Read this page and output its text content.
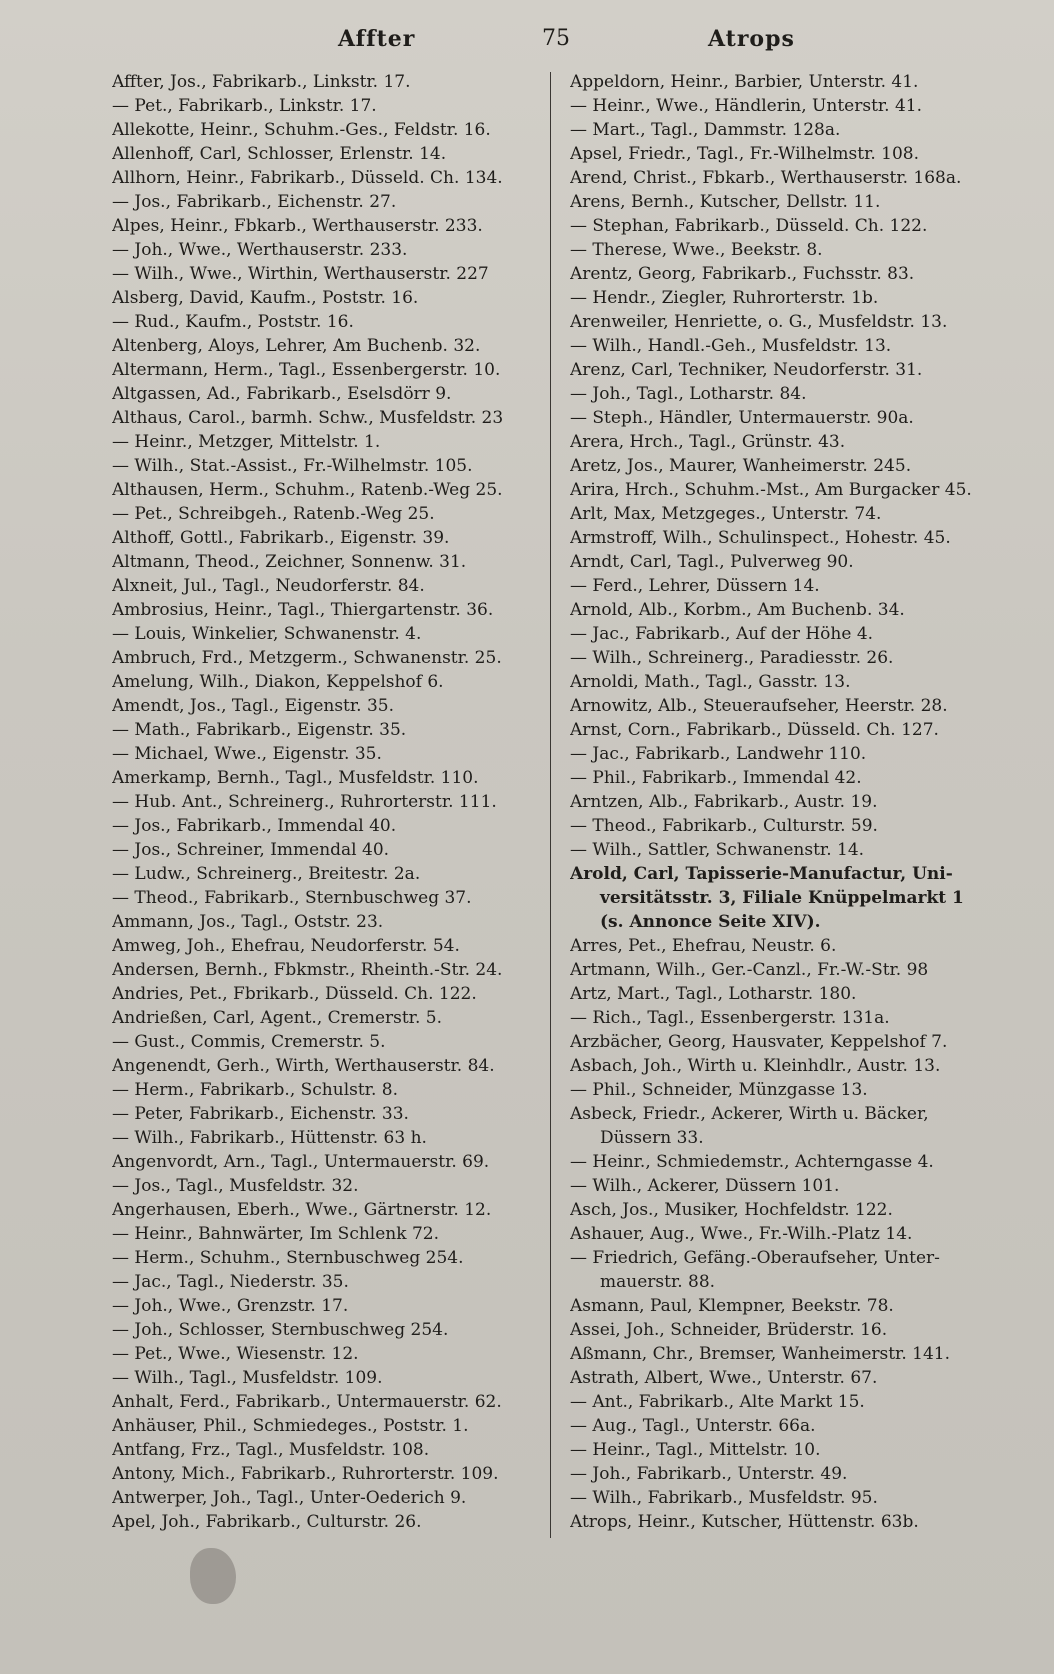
Affter	75	Atrops
Affter, Jos., Fabrikarb., Linkstr. 17.
— Pet., Fabrikarb., Linkstr. 17.
Allekotte, Heinr., Schuhm.-Ges., Feldstr. 16.
Allenhoff, Carl, Schlosser, Erlenstr. 14.
Allhorn, Heinr., Fabrikarb., Düsseld. Ch. 134.
— Jos., Fabrikarb., Eichenstr. 27.
Alpes, Heinr., Fbkarb., Werthauserstr. 233.
— Joh., Wwe., Werthauserstr. 233.
— Wilh., Wwe., Wirthin, Werthauserstr. 227
Alsberg, David, Kaufm., Poststr. 16.
— Rud., Kaufm., Poststr. 16.
Altenberg, Aloys, Lehrer, Am Buchenb. 32.
Altermann, Herm., Tagl., Essenbergerstr. 10.
Altgassen, Ad., Fabrikarb., Eselsdörr 9.
Althaus, Carol., barmh. Schw., Musfeldstr. 23
— Heinr., Metzger, Mittelstr. 1.
— Wilh., Stat.-Assist., Fr.-Wilhelmstr. 105.
Althausen, Herm., Schuhm., Ratenb.-Weg 25.
— Pet., Schreibgeh., Ratenb.-Weg 25.
Althoff, Gottl., Fabrikarb., Eigenstr. 39.
Altmann, Theod., Zeichner, Sonnenw. 31.
Alxneit, Jul., Tagl., Neudorferstr. 84.
Ambrosius, Heinr., Tagl., Thiergartenstr. 36.
— Louis, Winkelier, Schwanenstr. 4.
Ambruch, Frd., Metzgerm., Schwanenstr. 25.
Amelung, Wilh., Diakon, Keppelshof 6.
Amendt, Jos., Tagl., Eigenstr. 35.
— Math., Fabrikarb., Eigenstr. 35.
— Michael, Wwe., Eigenstr. 35.
Amerkamp, Bernh., Tagl., Musfeldstr. 110.
— Hub. Ant., Schreinerg., Ruhrorterstr. 111.
— Jos., Fabrikarb., Immendal 40.
— Jos., Schreiner, Immendal 40.
— Ludw., Schreinerg., Breitestr. 2a.
— Theod., Fabrikarb., Sternbuschweg 37.
Ammann, Jos., Tagl., Oststr. 23.
Amweg, Joh., Ehefrau, Neudorferstr. 54.
Andersen, Bernh., Fbkmstr., Rheinth.-Str. 24.
Andries, Pet., Fbrikarb., Düsseld. Ch. 122.
Andrießen, Carl, Agent., Cremerstr. 5.
— Gust., Commis, Cremerstr. 5.
Angenendt, Gerh., Wirth, Werthauserstr. 84.
— Herm., Fabrikarb., Schulstr. 8.
— Peter, Fabrikarb., Eichenstr. 33.
— Wilh., Fabrikarb., Hüttenstr. 63 h.
Angenvordt, Arn., Tagl., Untermauerstr. 69.
— Jos., Tagl., Musfeldstr. 32.
Angerhausen, Eberh., Wwe., Gärtnerstr. 12.
— Heinr., Bahnwärter, Im Schlenk 72.
— Herm., Schuhm., Sternbuschweg 254.
— Jac., Tagl., Niederstr. 35.
— Joh., Wwe., Grenzstr. 17.
— Joh., Schlosser, Sternbuschweg 254.
— Pet., Wwe., Wiesenstr. 12.
— Wilh., Tagl., Musfeldstr. 109.
Anhalt, Ferd., Fabrikarb., Untermauerstr. 62.
Anhäuser, Phil., Schmiedeges., Poststr. 1.
Antfang, Frz., Tagl., Musfeldstr. 108.
Antony, Mich., Fabrikarb., Ruhrorterstr. 109.
Antwerper, Joh., Tagl., Unter-Oederich 9.
Apel, Joh., Fabrikarb., Culturstr. 26.
Appeldorn, Heinr., Barbier, Unterstr. 41.
— Heinr., Wwe., Händlerin, Unterstr. 41.
— Mart., Tagl., Dammstr. 128a.
Apsel, Friedr., Tagl., Fr.-Wilhelmstr. 108.
Arend, Christ., Fbkarb., Werthauserstr. 168a.
Arens, Bernh., Kutscher, Dellstr. 11.
— Stephan, Fabrikarb., Düsseld. Ch. 122.
— Therese, Wwe., Beekstr. 8.
Arentz, Georg, Fabrikarb., Fuchsstr. 83.
— Hendr., Ziegler, Ruhrorterstr. 1b.
Arenweiler, Henriette, o. G., Musfeldstr. 13.
— Wilh., Handl.-Geh., Musfeldstr. 13.
Arenz, Carl, Techniker, Neudorferstr. 31.
— Joh., Tagl., Lotharstr. 84.
— Steph., Händler, Untermauerstr. 90a.
Arera, Hrch., Tagl., Grünstr. 43.
Aretz, Jos., Maurer, Wanheimerstr. 245.
Arira, Hrch., Schuhm.-Mst., Am Burgacker 45.
Arlt, Max, Metzgeges., Unterstr. 74.
Armstroff, Wilh., Schulinspect., Hohestr. 45.
Arndt, Carl, Tagl., Pulverweg 90.
— Ferd., Lehrer, Düssern 14.
Arnold, Alb., Korbm., Am Buchenb. 34.
— Jac., Fabrikarb., Auf der Höhe 4.
— Wilh., Schreinerg., Paradiesstr. 26.
Arnoldi, Math., Tagl., Gasstr. 13.
Arnowitz, Alb., Steueraufseher, Heerstr. 28.
Arnst, Corn., Fabrikarb., Düsseld. Ch. 127.
— Jac., Fabrikarb., Landwehr 110.
— Phil., Fabrikarb., Immendal 42.
Arntzen, Alb., Fabrikarb., Austr. 19.
— Theod., Fabrikarb., Culturstr. 59.
— Wilh., Sattler, Schwanenstr. 14.
Arold, Carl, Tapisserie-Manufactur, Uni-
versitätsstr. 3, Filiale Knüppelmarkt 1
(s. Annonce Seite XIV).
Arres, Pet., Ehefrau, Neustr. 6.
Artmann, Wilh., Ger.-Canzl., Fr.-W.-Str. 98
Artz, Mart., Tagl., Lotharstr. 180.
— Rich., Tagl., Essenbergerstr. 131a.
Arzbächer, Georg, Hausvater, Keppelshof 7.
Asbach, Joh., Wirth u. Kleinhdlr., Austr. 13.
— Phil., Schneider, Münzgasse 13.
Asbeck, Friedr., Ackerer, Wirth u. Bäcker,
Düssern 33.
— Heinr., Schmiedemstr., Achterngasse 4.
— Wilh., Ackerer, Düssern 101.
Asch, Jos., Musiker, Hochfeldstr. 122.
Ashauer, Aug., Wwe., Fr.-Wilh.-Platz 14.
— Friedrich, Gefäng.-Oberaufseher, Unter-
mauerstr. 88.
Asmann, Paul, Klempner, Beekstr. 78.
Assei, Joh., Schneider, Brüderstr. 16.
Aßmann, Chr., Bremser, Wanheimerstr. 141.
Astrath, Albert, Wwe., Unterstr. 67.
— Ant., Fabrikarb., Alte Markt 15.
— Aug., Tagl., Unterstr. 66a.
— Heinr., Tagl., Mittelstr. 10.
— Joh., Fabrikarb., Unterstr. 49.
— Wilh., Fabrikarb., Musfeldstr. 95.
Atrops, Heinr., Kutscher, Hüttenstr. 63b.
